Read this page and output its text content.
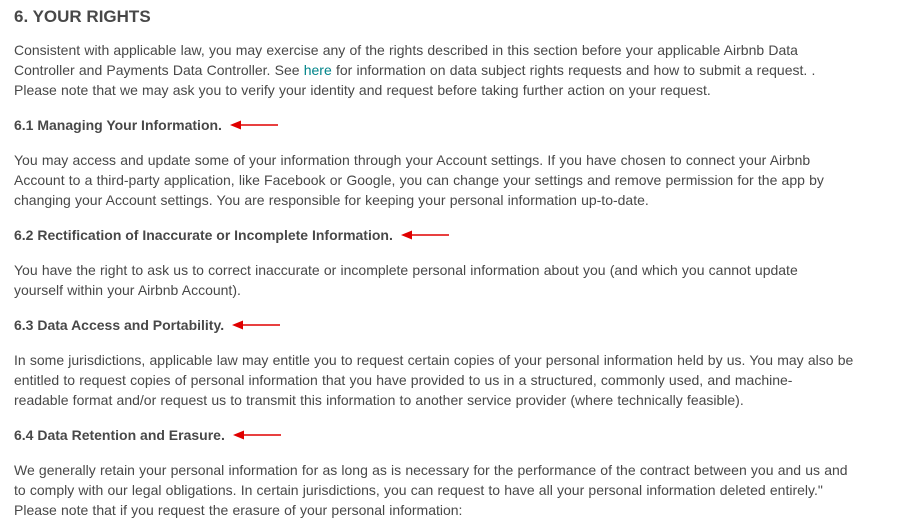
6. YOUR RIGHTS

Consistent with applicable law, you may exercise any of the rights described in this section before your applicable Airbnb Data
Controller and Payments Data Controller. See here for information on data subject rights requests and how to submit a request. .
Please note that we may ask you to verify your identity and request before taking further action on your request.

6.1 Managing Your Information.

You may access and update some of your information through your Account settings. If you have chosen to connect your Airbnb
Account to a third-party application, like Facebook or Google, you can change your settings and remove permission for the app by
changing your Account settings. You are responsible for keeping your personal information up-to-date.

6.2 Rectification of Inaccurate or Incomplete Information.

You have the right to ask us to correct inaccurate or incomplete personal information about you (and which you cannot update
yourself within your Airbnb Account).

6.3 Data Access and Portability.

In some jurisdictions, applicable law may entitle you to request certain copies of your personal information held by us. You may also be
entitled to request copies of personal information that you have provided to us in a structured, commonly used, and machine-
readable format and/or request us to transmit this information to another service provider (where technically feasible).

6.4 Data Retention and Erasure.

We generally retain your personal information for as long as is necessary for the performance of the contract between you and us and
to comply with our legal obligations. In certain jurisdictions, you can request to have all your personal information deleted entirely."
Please note that if you request the erasure of your personal information:
